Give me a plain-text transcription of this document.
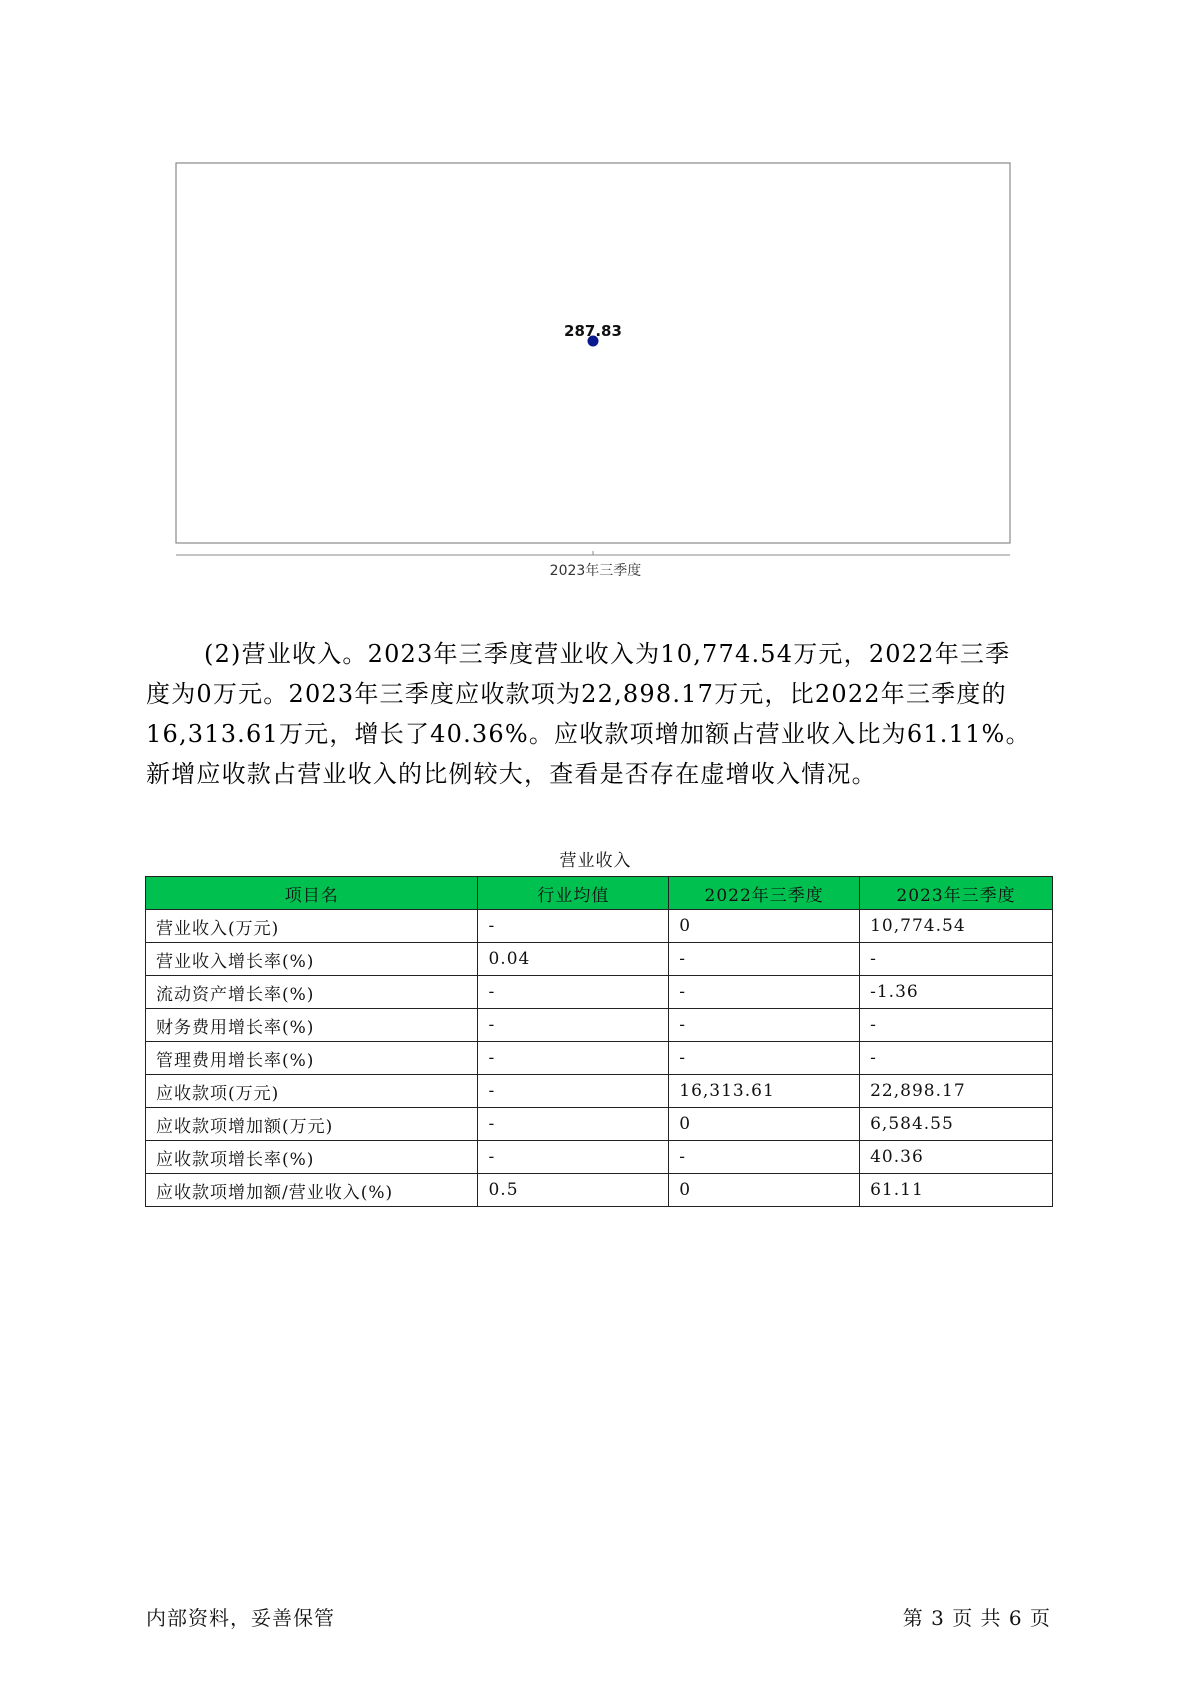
287.83
2023年三季度
(2)营业收入。2023年三季度营业收入为10,774.54万元，2022年三季
度为0万元。2023年三季度应收款项为22,898.17万元，比2022年三季度的
16,313.61万元，增长了40.36%。应收款项增加额占营业收入比为61.11%。
新增应收款占营业收入的比例较大，查看是否存在虚增收入情况。
营业收入
项目名	行业均值	2022年三季度	2023年三季度
营业收入(万元)	-	0	10,774.54
营业收入增长率(%)	0.04	-	-
流动资产增长率(%)	-	-	-1.36
财务费用增长率(%)	-	-	-
管理费用增长率(%)	-	-	-
应收款项(万元)	-	16,313.61	22,898.17
应收款项增加额(万元)	-	0	6,584.55
应收款项增长率(%)	-	-	40.36
应收款项增加额/营业收入(%)	0.5	0	61.11
内部资料，妥善保管	第 3 页 共 6 页
